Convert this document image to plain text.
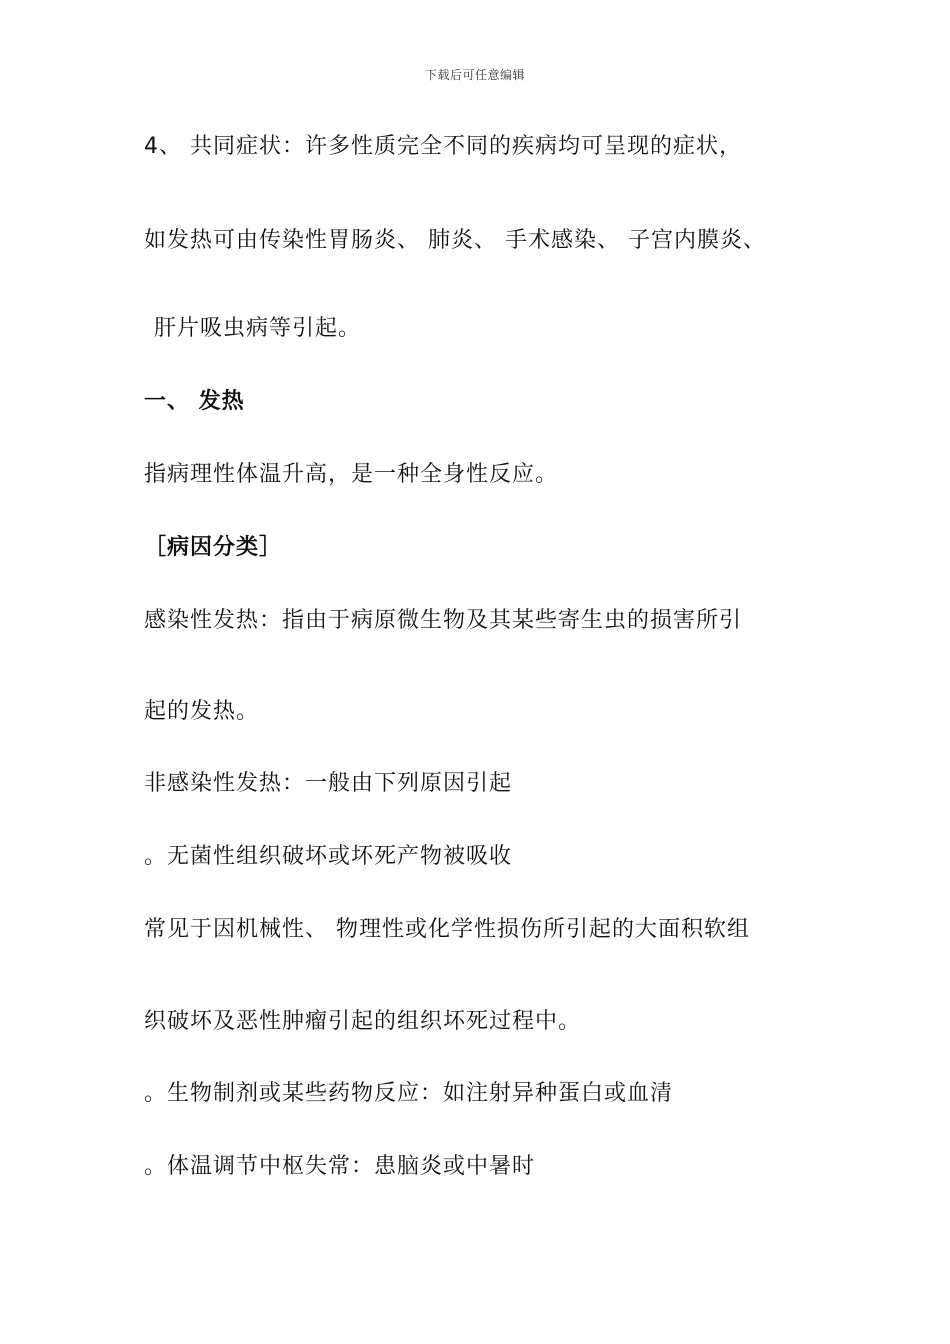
下载后可任意编辑
4、 共同症状：许多性质完全不同的疾病均可呈现的症状，
如发热可由传染性胃肠炎、 肺炎、 手术感染、 子宫内膜炎、
肝片吸虫病等引起。
一、 发热
指病理性体温升高，是一种全身性反应。
［病因分类］
感染性发热：指由于病原微生物及其某些寄生虫的损害所引
起的发热。
非感染性发热：一般由下列原因引起
。无菌性组织破坏或坏死产物被吸收
常见于因机械性、 物理性或化学性损伤所引起的大面积软组
织破坏及恶性肿瘤引起的组织坏死过程中。
。生物制剂或某些药物反应：如注射异种蛋白或血清
。体温调节中枢失常：患脑炎或中暑时
